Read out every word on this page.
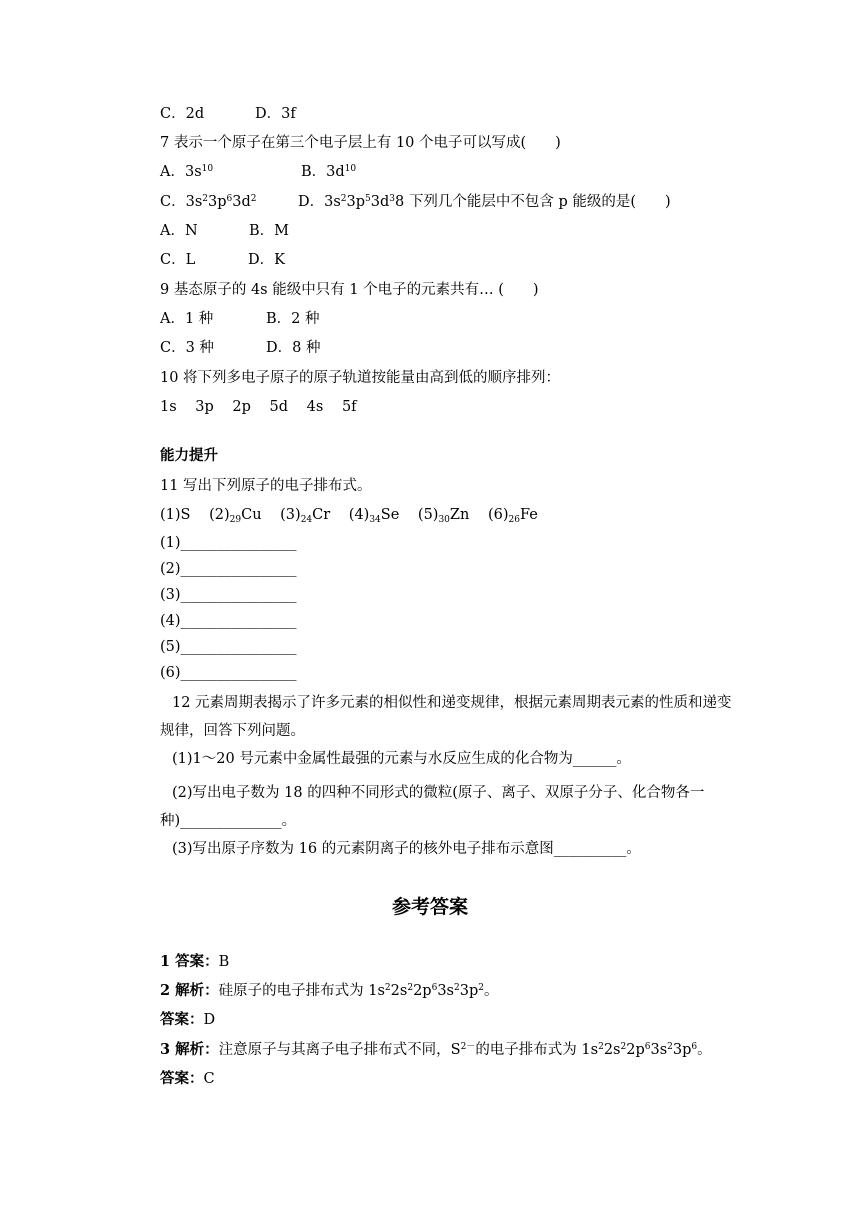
C．2d	D．3f
7 表示一个原子在第三个电子层上有 10 个电子可以写成(　　)
A．$3s^{10}$	B．$3d^{10}$
C．$3s^23p^63d^2$	D．$3s^23p^53d^38$ 下列几个能层中不包含 p 能级的是(　　)
A．N	B．M
C．L	D．K
9 基态原子的 4s 能级中只有 1 个电子的元素共有… (　　)
A．1 种	B．2 种
C．3 种	D．8 种
10 将下列多电子原子的原子轨道按能量由高到低的顺序排列：
1s 3p 2p 5d 4s 5f
能力提升
11 写出下列原子的电子排布式。
(1)S $(2)_{29}Cu$ $(3)_{24}Cr$ $(4)_{34}Se$ $(5)_{30}Zn$ $(6)_{26}Fe$
(1)________________
(2)________________
(3)________________
(4)________________
(5)________________
(6)________________
12 元素周期表揭示了许多元素的相似性和递变规律，根据元素周期表元素的性质和递变规律，回答下列问题。
(1)1～20 号元素中金属性最强的元素与水反应生成的化合物为______。
(2)写出电子数为 18 的四种不同形式的微粒(原子、离子、双原子分子、化合物各一种)______________。
(3)写出原子序数为 16 的元素阴离子的核外电子排布示意图__________。
参考答案
1 答案：B
2 解析：硅原子的电子排布式为 $1s^22s^22p^63s^23p^2$。
答案：D
3 解析：注意原子与其离子电子排布式不同，$S^{2-}$的电子排布式为 $1s^22s^22p^63s^23p^6$。
答案：C
